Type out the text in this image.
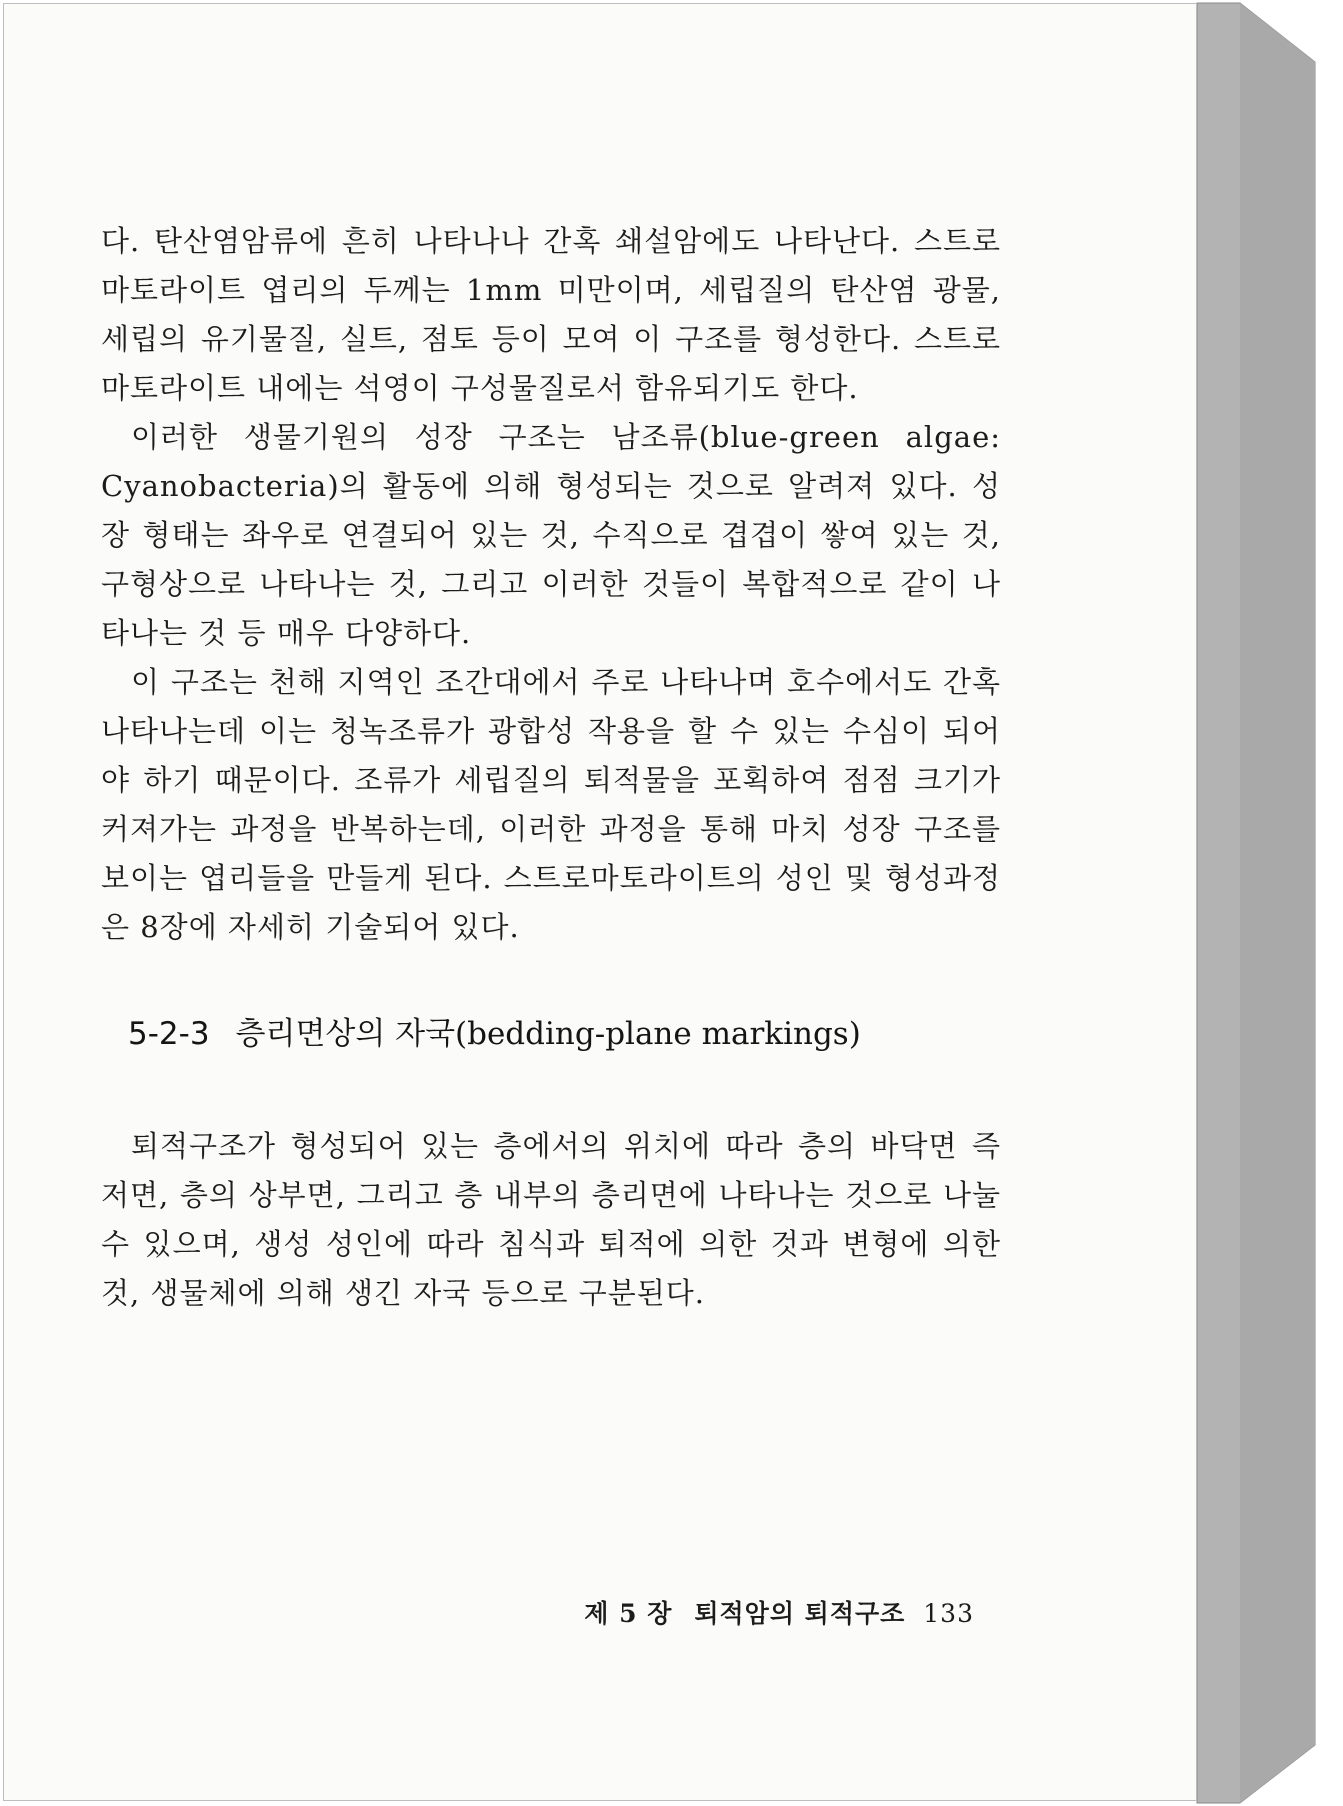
다. 탄산염암류에 흔히 나타나나 간혹 쇄설암에도 나타난다. 스트로마토라이트 엽리의 두께는 1mm 미만이며, 세립질의 탄산염 광물, 세립의 유기물질, 실트, 점토 등이 모여 이 구조를 형성한다. 스트로마토라이트 내에는 석영이 구성물질로서 함유되기도 한다.

이러한 생물기원의 성장 구조는 남조류(blue-green algae: Cyanobacteria)의 활동에 의해 형성되는 것으로 알려져 있다. 성장 형태는 좌우로 연결되어 있는 것, 수직으로 겹겹이 쌓여 있는 것, 구형상으로 나타나는 것, 그리고 이러한 것들이 복합적으로 같이 나타나는 것 등 매우 다양하다.

이 구조는 천해 지역인 조간대에서 주로 나타나며 호수에서도 간혹 나타나는데 이는 청녹조류가 광합성 작용을 할 수 있는 수심이 되어야 하기 때문이다. 조류가 세립질의 퇴적물을 포획하여 점점 크기가 커져가는 과정을 반복하는데, 이러한 과정을 통해 마치 성장 구조를 보이는 엽리들을 만들게 된다. 스트로마토라이트의 성인 및 형성과정은 8장에 자세히 기술되어 있다.

5-2-3 층리면상의 자국(bedding-plane markings)

퇴적구조가 형성되어 있는 층에서의 위치에 따라 층의 바닥면 즉 저면, 층의 상부면, 그리고 층 내부의 층리면에 나타나는 것으로 나눌 수 있으며, 생성 성인에 따라 침식과 퇴적에 의한 것과 변형에 의한 것, 생물체에 의해 생긴 자국 등으로 구분된다.

제 5 장 퇴적암의 퇴적구조 133
